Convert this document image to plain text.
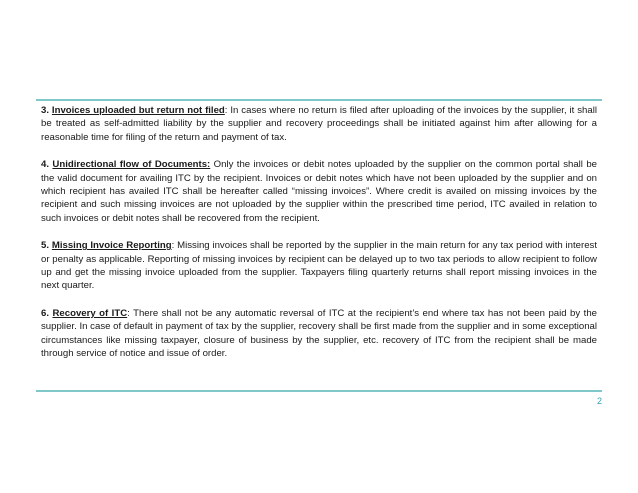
3. Invoices uploaded but return not filed: In cases where no return is filed after uploading of the invoices by the supplier, it shall be treated as self-admitted liability by the supplier and recovery proceedings shall be initiated against him after allowing for a reasonable time for filing of the return and payment of tax.

4. Unidirectional flow of Documents: Only the invoices or debit notes uploaded by the supplier on the common portal shall be the valid document for availing ITC by the recipient. Invoices or debit notes which have not been uploaded by the supplier and on which recipient has availed ITC shall be hereafter called “missing invoices”. Where credit is availed on missing invoices by the recipient and such missing invoices are not uploaded by the supplier within the prescribed time period, ITC availed in relation to such invoices or debit notes shall be recovered from the recipient.

5. Missing Invoice Reporting: Missing invoices shall be reported by the supplier in the main return for any tax period with interest or penalty as applicable. Reporting of missing invoices by recipient can be delayed up to two tax periods to allow recipient to follow up and get the missing invoice uploaded from the supplier. Taxpayers filing quarterly returns shall report missing invoices in the next quarter.

6. Recovery of ITC: There shall not be any automatic reversal of ITC at the recipient’s end where tax has not been paid by the supplier. In case of default in payment of tax by the supplier, recovery shall be first made from the supplier and in some exceptional circumstances like missing taxpayer, closure of business by the supplier, etc. recovery of ITC from the recipient shall be made through service of notice and issue of order.

2
